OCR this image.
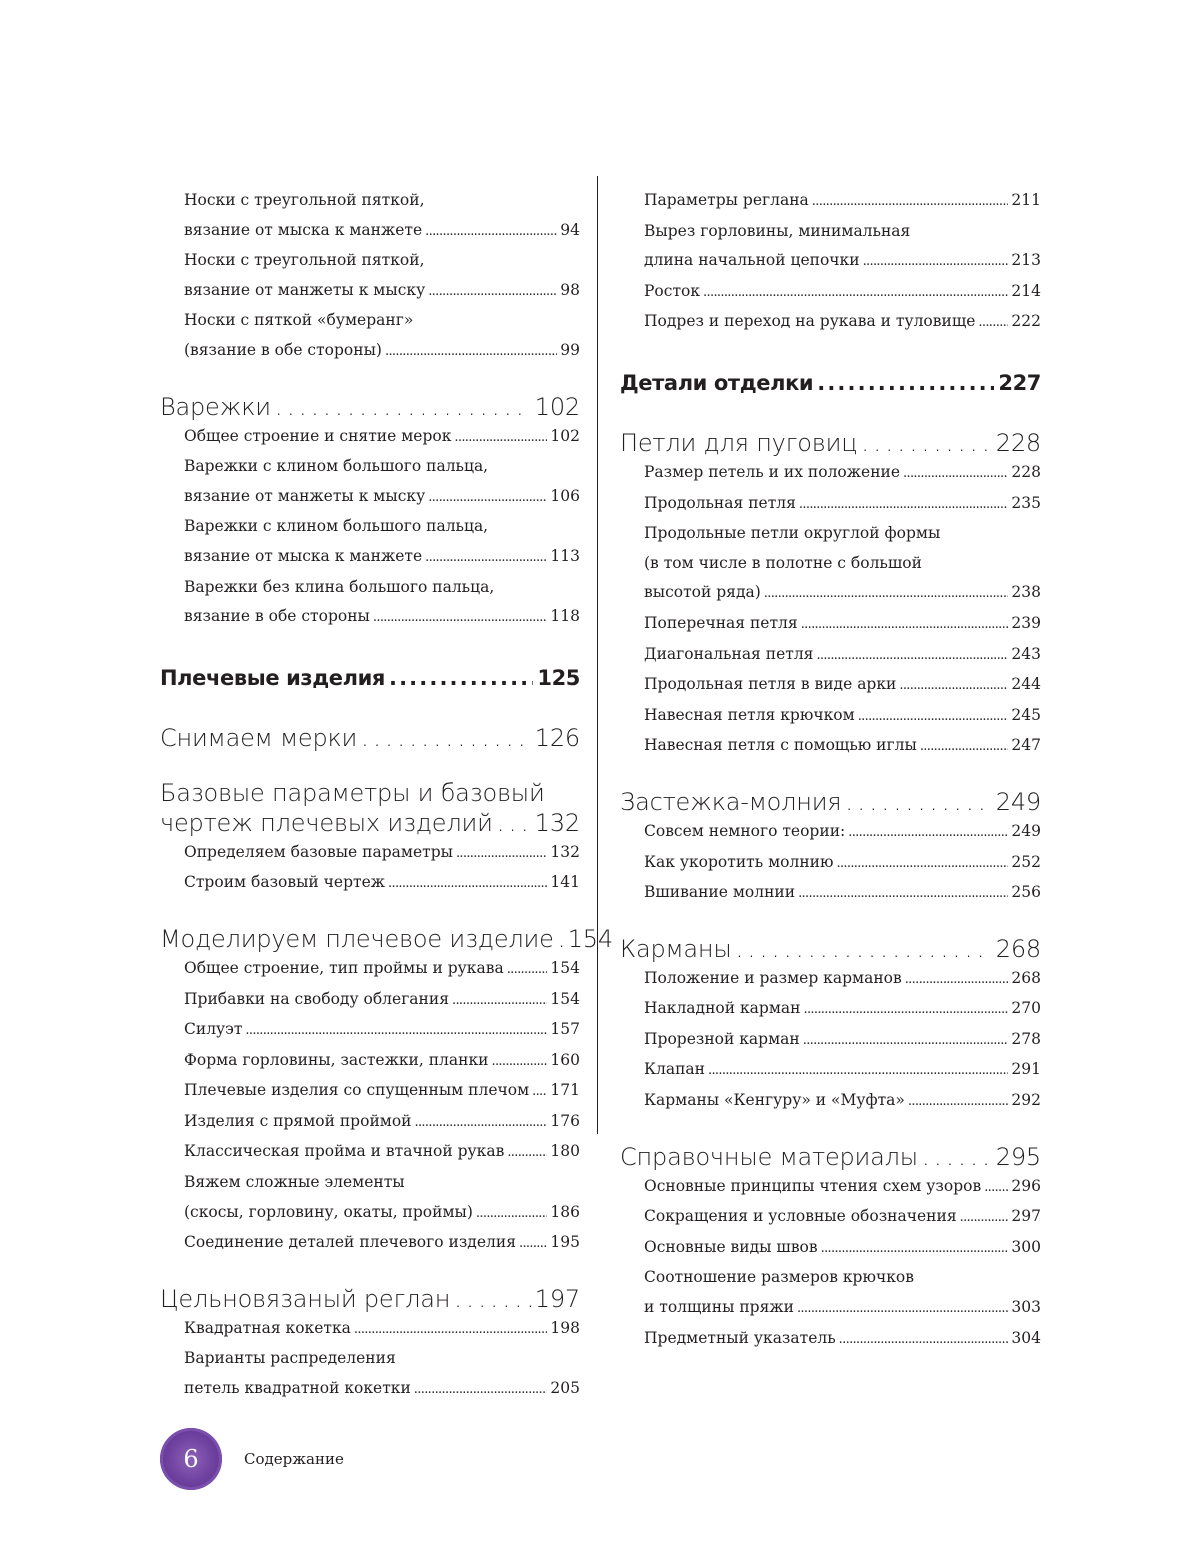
Носки с треугольной пяткой,
вязание от мыска к манжете . . .	94
Носки с треугольной пяткой,
вязание от манжеты к мыску . . .	98
Носки с пяткой «бумеранг»
(вязание в обе стороны) . . .	99
Варежки . . .	102
Общее строение и снятие мерок . . .	102
Варежки с клином большого пальца,
вязание от манжеты к мыску . . .	106
Варежки с клином большого пальца,
вязание от мыска к манжете . . .	113
Варежки без клина большого пальца,
вязание в обе стороны . . .	118
Плечевые изделия . . .	125
Снимаем мерки . . .	126
Базовые параметры и базовый
чертеж плечевых изделий . . . 132
Определяем базовые параметры . . .	132
Строим базовый чертеж . . .	141
Моделируем плечевое изделие . . . 154
Общее строение, тип проймы и рукава . . .	154
Прибавки на свободу облегания . . .	154
Силуэт . . .	157
Форма горловины, застежки, планки . . .	160
Плечевые изделия со спущенным плечом . . . 171
Изделия с прямой проймой . . .	176
Классическая пройма и втачной рукав . . .	180
Вяжем сложные элементы
(скосы, горловину, окаты, проймы) . . .	186
Соединение деталей плечевого изделия . . . 195
Цельновязаный реглан . . .	197
Квадратная кокетка . . .	198
Варианты распределения
петель квадратной кокетки . . .	205
Параметры реглана . . .	211
Вырез горловины, минимальная
длина начальной цепочки . . .	213
Росток . . .	214
Подрез и переход на рукава и туловище . . . 222
Детали отделки . . .	227
Петли для пуговиц . . .	228
Размер петель и их положение . . .	228
Продольная петля . . .	235
Продольные петли округлой формы
(в том числе в полотне с большой
высотой ряда) . . .	238
Поперечная петля . . .	239
Диагональная петля . . .	243
Продольная петля в виде арки . . .	244
Навесная петля крючком . . .	245
Навесная петля с помощью иглы . . .	247
Застежка-молния . . .	249
Совсем немного теории: . . .	249
Как укоротить молнию . . .	252
Вшивание молнии . . .	256
Карманы . . .	268
Положение и размер карманов . . .	268
Накладной карман . . .	270
Прорезной карман . . .	278
Клапан . . .	291
Карманы «Кенгуру» и «Муфта» . . .	292
Справочные материалы . . .	295
Основные принципы чтения схем узоров . . . 296
Сокращения и условные обозначения . . .	297
Основные виды швов . . .	300
Соотношение размеров крючков
и толщины пряжи . . .	303
Предметный указатель . . .	304
6	Содержание
